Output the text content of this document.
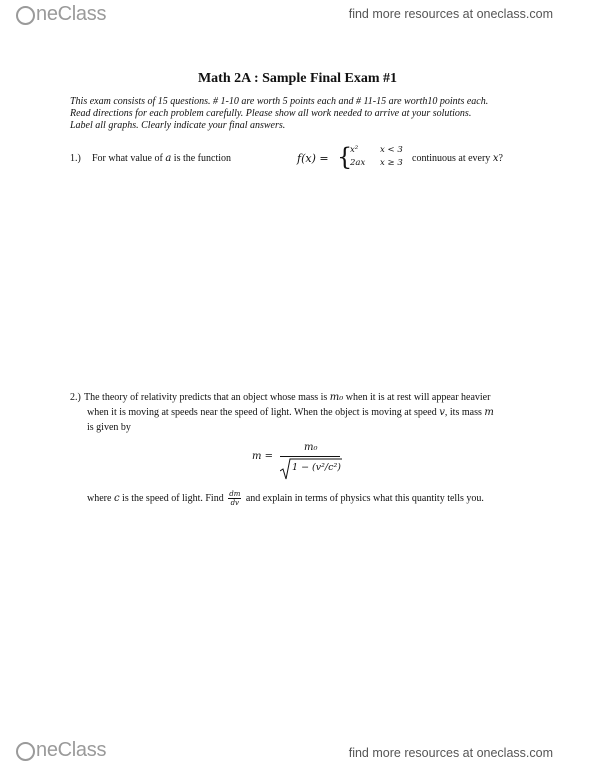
neClass	find more resources at oneclass.com
Math 2A : Sample Final Exam #1
This exam consists of 15 questions. # 1-10 are worth 5 points each and # 11-15 are worth10 points each.
Read directions for each problem carefully. Please show all work needed to arrive at your solutions.
Label all graphs. Clearly indicate your final answers.
1.) For what value of a is the function	f(x) = {
x²	x < 3
2ax x ≥ 3 continuous at every x?
2.) The theory of relativity predicts that an object whose mass is m₀ when it is at rest will appear heavier
when it is moving at speeds near the speed of light. When the object is moving at speed v, its mass m
is given by
m =
m₀
1 − (v²/c²)
where c is the speed of light. Find $\frac{dm}{dv}$ and explain in terms of physics what this quantity tells you.
neClass	find more resources at oneclass.com
